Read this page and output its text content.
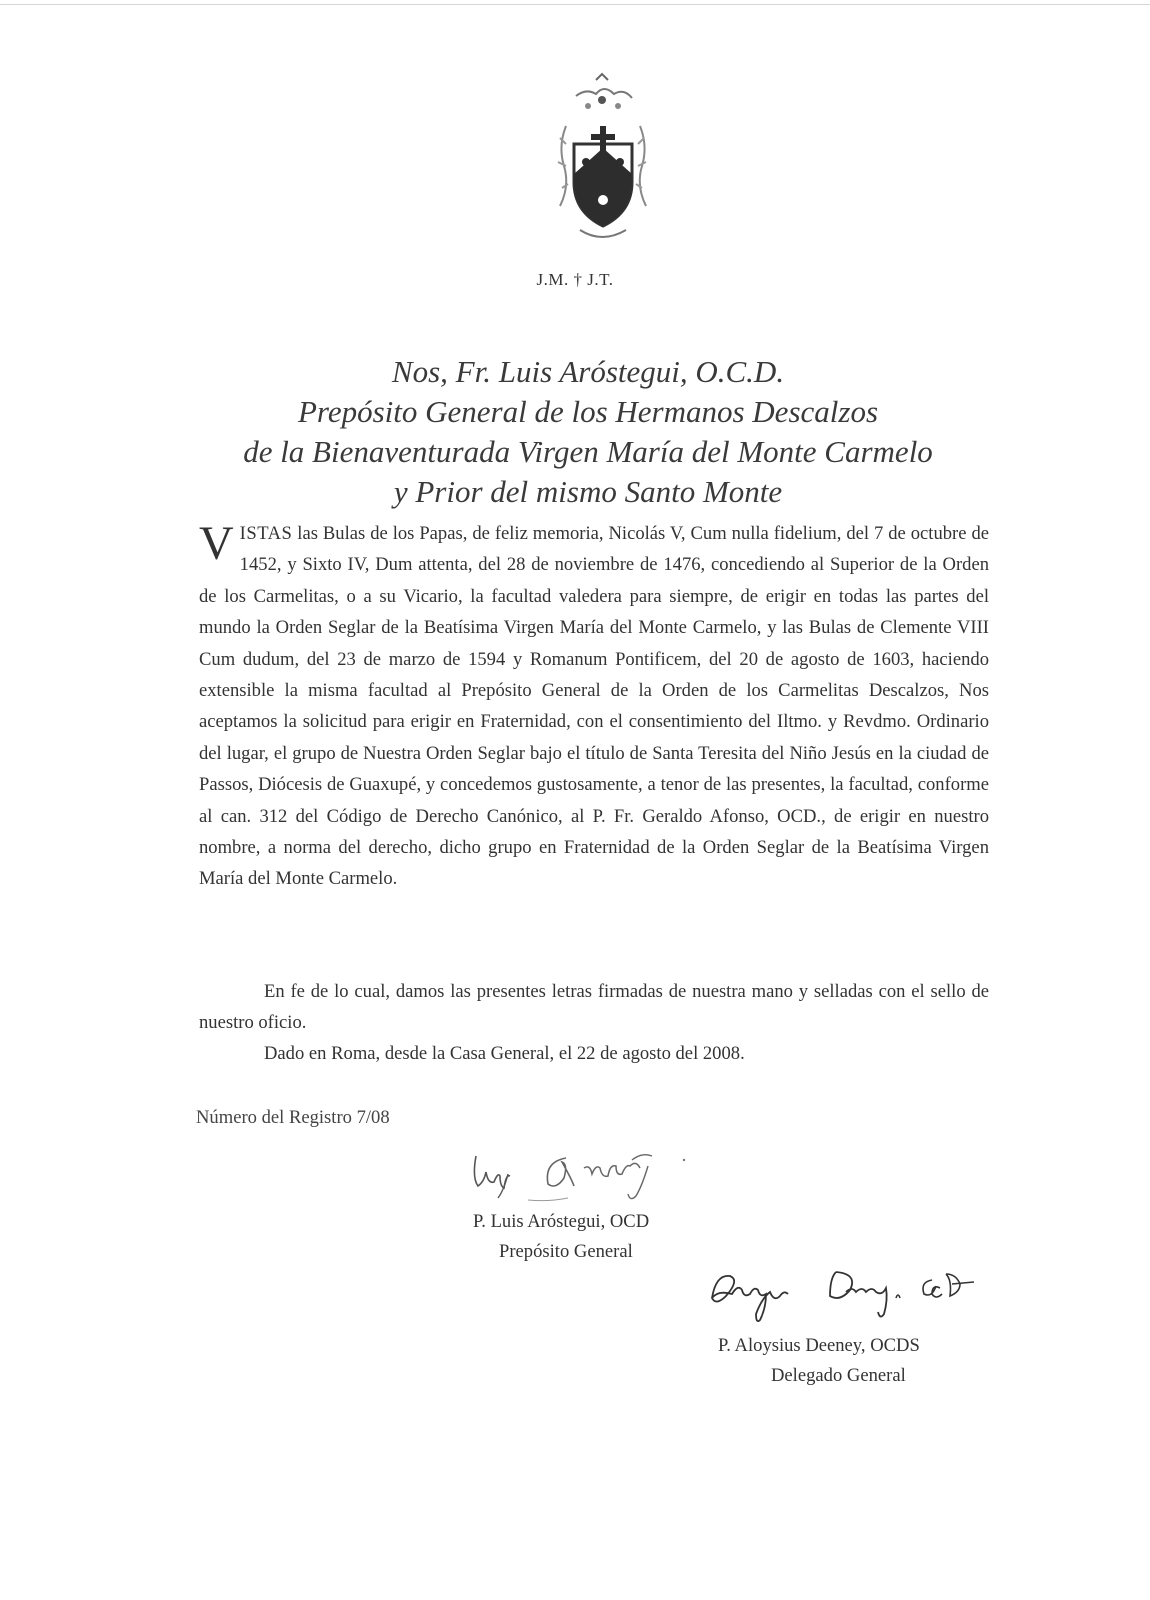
J.M. † J.T.
Nos, Fr. Luis Aróstegui, O.C.D.
Prepósito General de los Hermanos Descalzos
de la Bienaventurada Virgen María del Monte Carmelo
y Prior del mismo Santo Monte
VISTAS las Bulas de los Papas, de feliz memoria, Nicolás V, Cum nulla fidelium, del 7 de octubre de 1452, y Sixto IV, Dum attenta, del 28 de noviembre de 1476, concediendo al Superior de la Orden de los Carmelitas, o a su Vicario, la facultad valedera para siempre, de erigir en todas las partes del mundo la Orden Seglar de la Beatísima Virgen María del Monte Carmelo, y las Bulas de Clemente VIII Cum dudum, del 23 de marzo de 1594 y Romanum Pontificem, del 20 de agosto de 1603, haciendo extensible la misma facultad al Prepósito General de la Orden de los Carmelitas Descalzos, Nos aceptamos la solicitud para erigir en Fraternidad, con el consentimiento del Iltmo. y Revdmo. Ordinario del lugar, el grupo de Nuestra Orden Seglar bajo el título de Santa Teresita del Niño Jesús en la ciudad de Passos, Diócesis de Guaxupé, y concedemos gustosamente, a tenor de las presentes, la facultad, conforme al can. 312 del Código de Derecho Canónico, al P. Fr. Geraldo Afonso, OCD., de erigir en nuestro nombre, a norma del derecho, dicho grupo en Fraternidad de la Orden Seglar de la Beatísima Virgen María del Monte Carmelo.
En fe de lo cual, damos las presentes letras firmadas de nuestra mano y selladas con el sello de nuestro oficio.
Dado en Roma, desde la Casa General, el 22 de agosto del 2008.
Número del Registro 7/08
P. Luis Aróstegui, OCD
Prepósito General
P. Aloysius Deeney, OCDS
Delegado General
